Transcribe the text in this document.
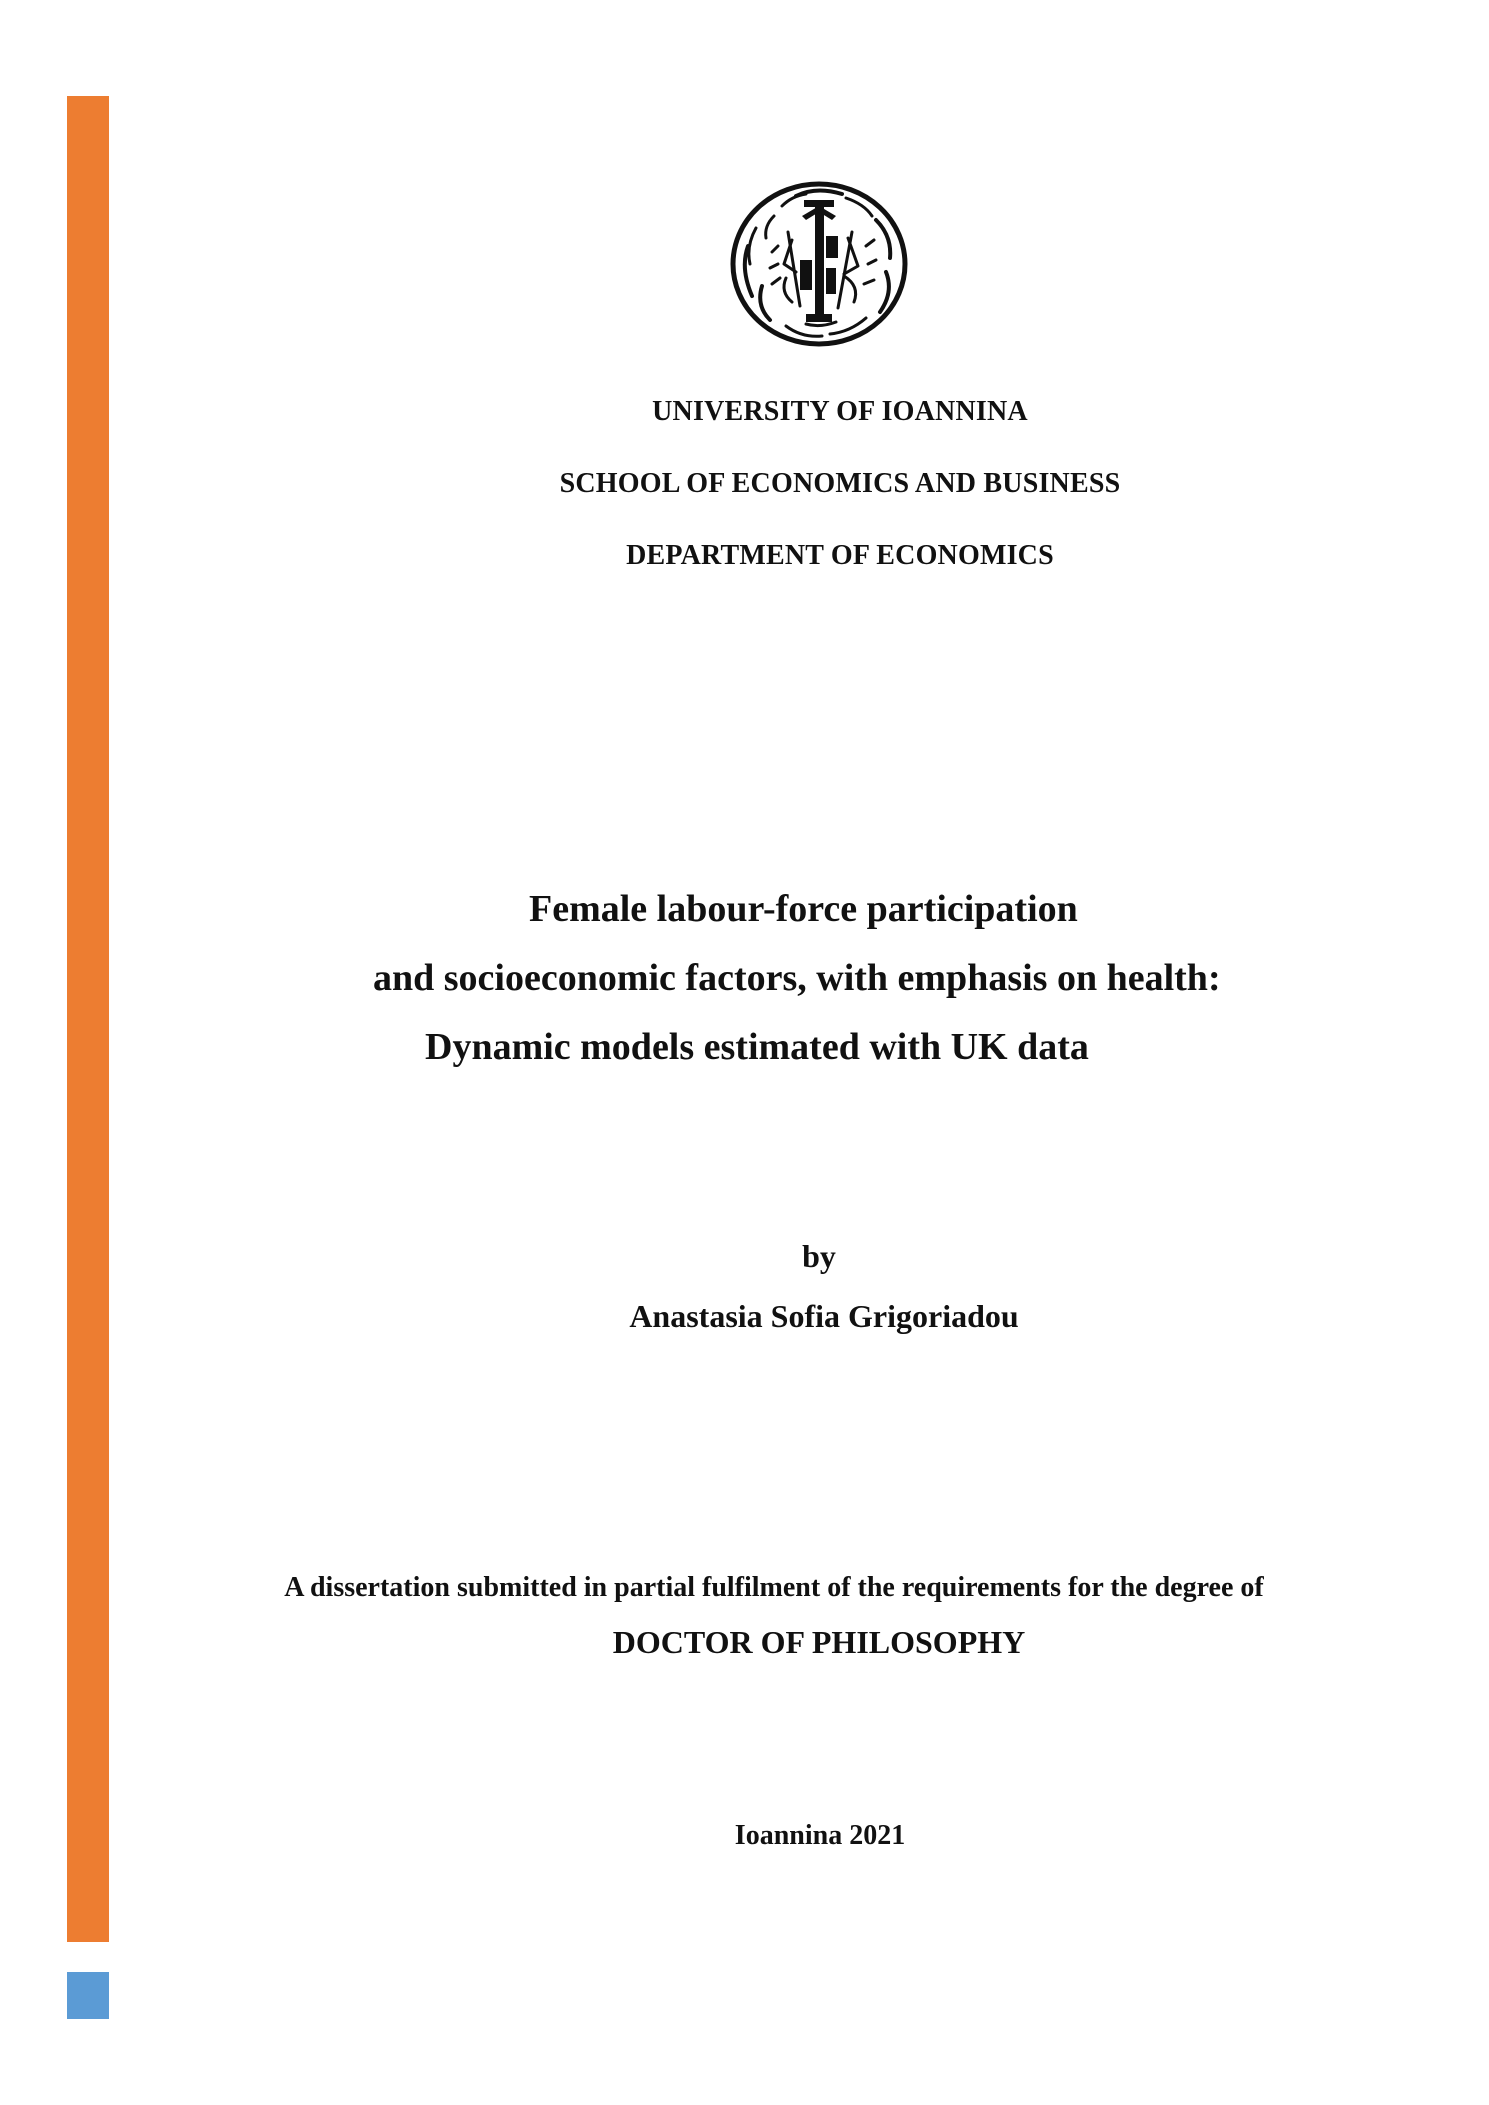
UNIVERSITY OF IOANNINA
SCHOOL OF ECONOMICS AND BUSINESS
DEPARTMENT OF ECONOMICS
Female labour-force participation
and socioeconomic factors, with emphasis on health:
Dynamic models estimated with UK data
by
Anastasia Sofia Grigoriadou
A dissertation submitted in partial fulfilment of the requirements for the degree of
DOCTOR OF PHILOSOPHY
Ioannina 2021
